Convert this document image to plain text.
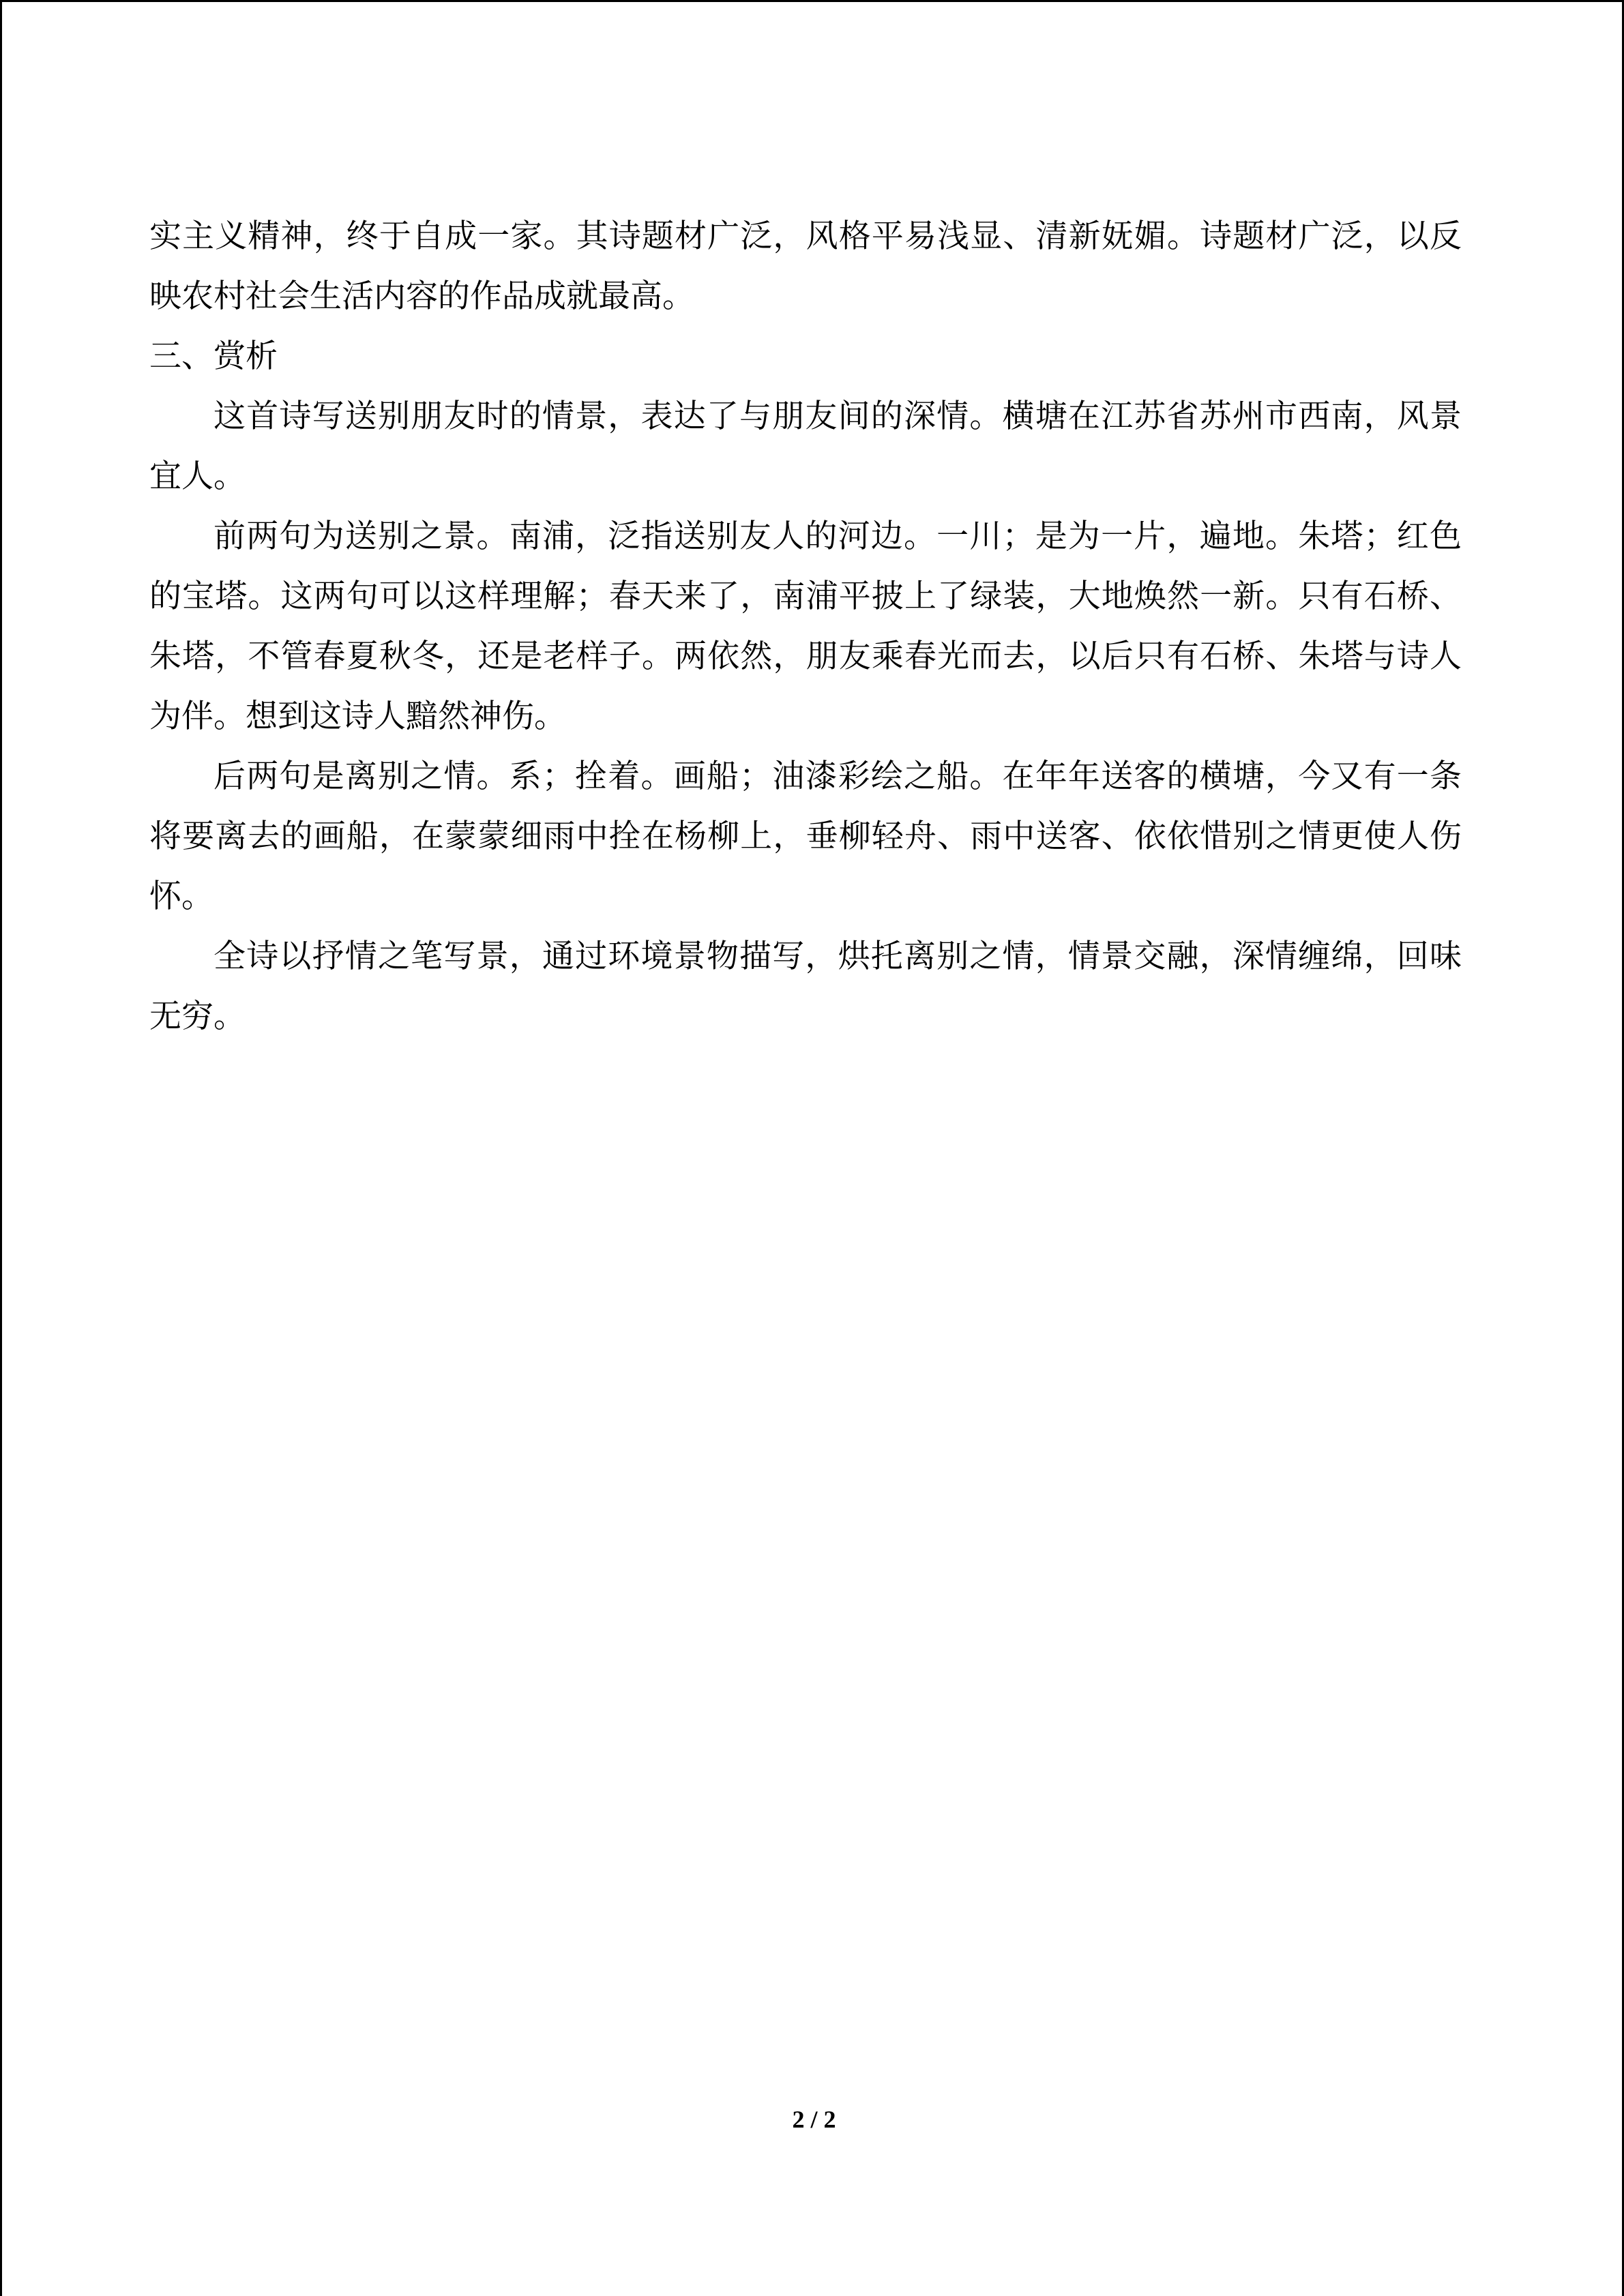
实主义精神，终于自成一家。其诗题材广泛，风格平易浅显、清新妩媚。诗题材广泛，以反映农村社会生活内容的作品成就最高。

三、赏析

这首诗写送别朋友时的情景，表达了与朋友间的深情。横塘在江苏省苏州市西南，风景宜人。

前两句为送别之景。南浦，泛指送别友人的河边。一川；是为一片，遍地。朱塔；红色的宝塔。这两句可以这样理解；春天来了，南浦平披上了绿装，大地焕然一新。只有石桥、朱塔，不管春夏秋冬，还是老样子。两依然，朋友乘春光而去，以后只有石桥、朱塔与诗人为伴。想到这诗人黯然神伤。

后两句是离别之情。系；拴着。画船；油漆彩绘之船。在年年送客的横塘，今又有一条将要离去的画船，在蒙蒙细雨中拴在杨柳上，垂柳轻舟、雨中送客、依依惜别之情更使人伤怀。

全诗以抒情之笔写景，通过环境景物描写，烘托离别之情，情景交融，深情缠绵，回味无穷。

2 / 2
